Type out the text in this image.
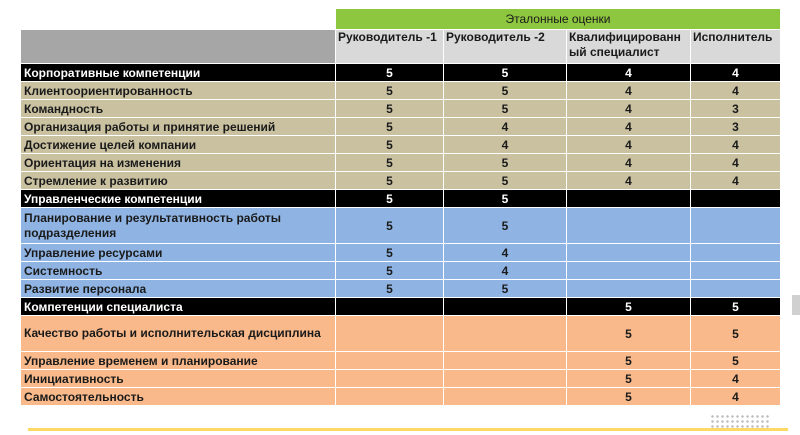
	Эталонные оценки			
	Руководитель -1	Руководитель -2	Квалифицированный специалист	Исполнитель
Корпоративные компетенции	5	5	4	4
Клиентоориентированность	5	5	4	4
Командность	5	5	4	3
Организация работы и принятие решений	5	4	4	3
Достижение целей компании	5	4	4	4
Ориентация на изменения	5	5	4	4
Стремление к развитию	5	5	4	4
Управленческие компетенции	5	5		
Планирование и результативность работы подразделения	5	5		
Управление ресурсами	5	4		
Системность	5	4		
Развитие персонала	5	5		
Компетенции специалиста			5	5
Качество работы и исполнительская дисциплина			5	5
Управление временем и планирование			5	5
Инициативность			5	4
Самостоятельность			5	4
